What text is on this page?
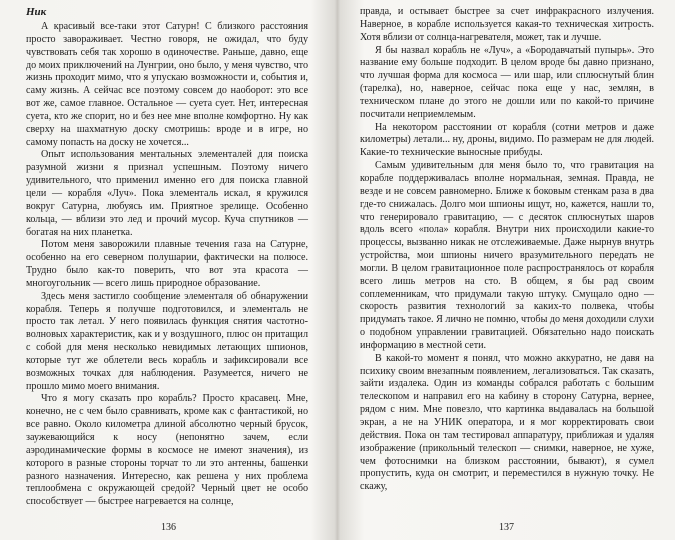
Ник

А красивый все-таки этот Сатурн! С близкого расстояния просто завораживает. Честно говоря, не ожидал, что буду чувствовать себя так хорошо в одиночестве. Раньше, давно, еще до моих приключений на Лунгрии, оно было, у меня чувство, что жизнь проходит мимо, что я упускаю возможности и, события и, саму жизнь. А сейчас все поэтому совсем до наоборот: это все вот же, самое главное. Остальное — суета сует. Нет, интересная суета, кто же спорит, но и без нее мне вполне комфортно. Ну как сверху на шахматную доску смотришь: вроде и в игре, но самому попасть на доску не хочется...

Опыт использования ментальных элементалей для поиска разумной жизни я признал успешным. Поэтому ничего удивительного, что применил именно его для поиска главной цели — корабля «Луч». Пока элементаль искал, я кружился вокруг Сатурна, любуясь им. Приятное зрелище. Особенно кольца, — вблизи это лед и прочий мусор. Куча спутников — богатая на них планетка.

Потом меня заворожили плавные течения газа на Сатурне, особенно на его северном полушарии, фактически на полюсе. Трудно было как-то поверить, что вот эта красота — многоугольник — всего лишь природное образование.

Здесь меня застигло сообщение элементаля об обнаружении корабля. Теперь я получше подготовился, и элементаль не просто так летал. У него появилась функция снятия частотно-волновых характеристик, как и у воздушного, плюс он притащил с собой для меня несколько невидимых летающих шпионов, которые тут же облетели весь корабль и зафиксировали все возможных точках для наблюдения. Разумеется, ничего не прошло мимо моего внимания.

Что я могу сказать про корабль? Просто красавец. Мне, конечно, не с чем было сравнивать, кроме как с фантастикой, но все равно. Около километра длиной абсолютно черный брусок, заужевающийся к носу (непонятно зачем, если аэродинамические формы в космосе не имеют значения), из которого в разные стороны торчат то ли это антенны, башенки разного назначения. Интересно, как решена у них проблема теплообмена с окружающей средой? Черный цвет не особо способствует — быстрее нагревается на солнце,

136

правда, и остывает быстрее за счет инфракрасного излучения. Наверное, в корабле используется какая-то техническая хитрость. Хотя вблизи от солнца-нагревателя, может, так и лучше.

Я бы назвал корабль не «Луч», а «Бородавчатый пупырь». Это название ему больше подходит. В целом вроде бы давно признано, что лучшая форма для космоса — или шар, или сплюснутый блин (тарелка), но, наверное, сейчас пока еще у нас, землян, в техническом плане до этого не дошли или по какой-то причине посчитали неприемлемым.

На некотором расстоянии от корабля (сотни метров и даже километры) летали... ну, дроны, видимо. По размерам не для людей. Какие-то технические выносные прибуды.

Самым удивительным для меня было то, что гравитация на корабле поддерживалась вполне нормальная, земная. Правда, не везде и не совсем равномерно. Ближе к боковым стенкам раза в два где-то снижалась. Долго мои шпионы ищут, но, кажется, нашли то, что генерировало гравитацию, — с десяток сплюснутых шаров вдоль всего «пола» корабля. Внутри них происходили какие-то процессы, вызванно никак не отслеживаемые. Даже нырнув внутрь устройства, мои шпионы ничего вразумительного передать не могли. В целом гравитационное поле распространялось от корабля всего лишь метров на сто. В общем, я бы рад своим соплеменникам, что придумали такую штуку. Смущало одно — скорость развития технологий за каких-то полвека, чтобы придумать такое. Я лично не помню, чтобы до меня доходили слухи о подобном управлении гравитацией. Обязательно надо поискать информацию в местной сети.

В какой-то момент я понял, что можно аккуратно, не давя на психику своим внезапным появлением, легализоваться. Так сказать, зайти издалека. Один из команды собрался работать с большим телескопом и направил его на кабину в сторону Сатурна, вернее, рядом с ним. Мне повезло, что картинка выдавалась на большой экран, а не на УНИК оператора, и я мог корректировать свои действия. Пока он там тестировал аппаратуру, приближая и удаляя изображение (прикольный телескоп — снимки, наверное, не хуже, чем фотоснимки на близком расстоянии, бывают), я сумел пропустить, куда он смотрит, и переместился в нужную точку. Не скажу,

137
